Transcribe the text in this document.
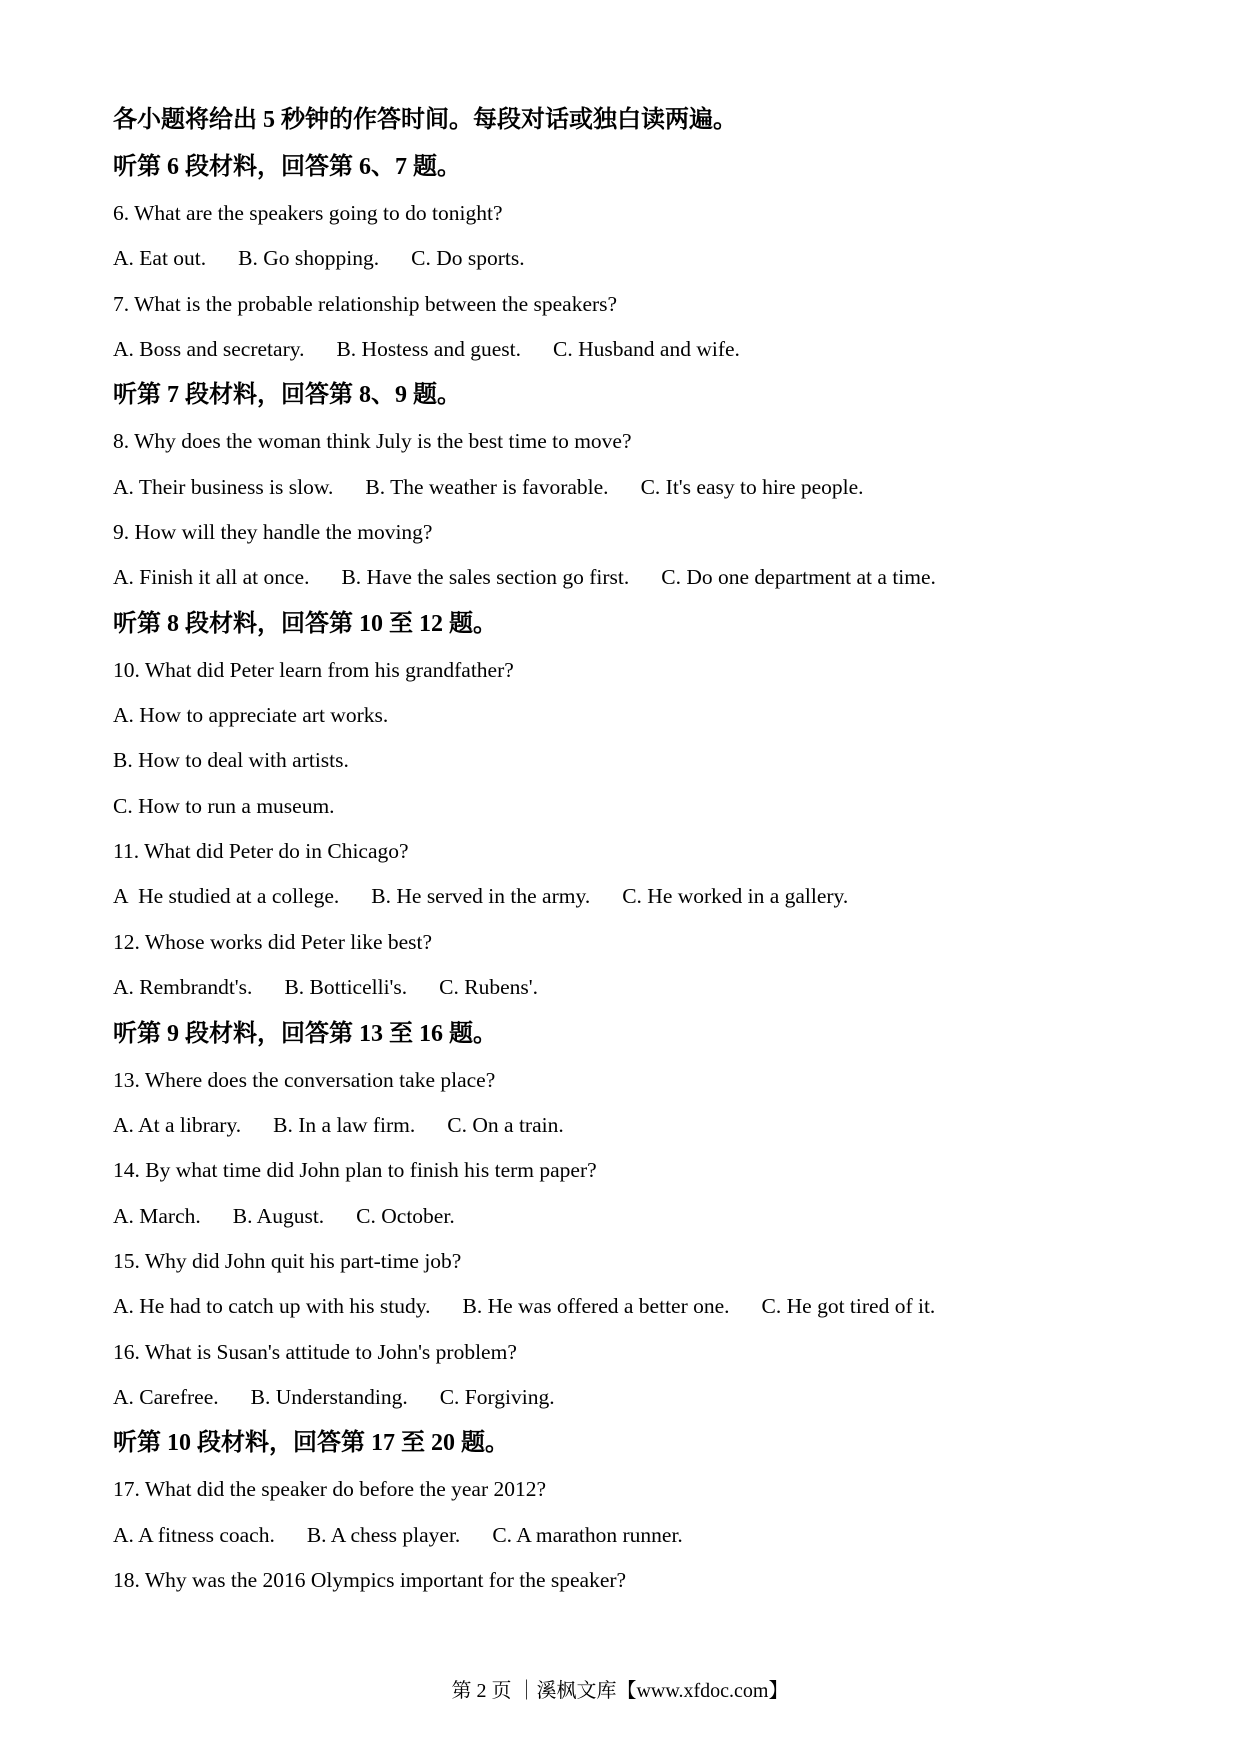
各小题将给出 5 秒钟的作答时间。每段对话或独白读两遍。
听第 6 段材料，回答第 6、7 题。
6. What are the speakers going to do tonight?
A. Eat out. B. Go shopping. C. Do sports.
7. What is the probable relationship between the speakers?
A. Boss and secretary. B. Hostess and guest. C. Husband and wife.
听第 7 段材料，回答第 8、9 题。
8. Why does the woman think July is the best time to move?
A. Their business is slow. B. The weather is favorable. C. It's easy to hire people.
9. How will they handle the moving?
A. Finish it all at once. B. Have the sales section go first. C. Do one department at a time.
听第 8 段材料，回答第 10 至 12 题。
10. What did Peter learn from his grandfather?
A. How to appreciate art works.
B. How to deal with artists.
C. How to run a museum.
11. What did Peter do in Chicago?
A  He studied at a college. B. He served in the army. C. He worked in a gallery.
12. Whose works did Peter like best?
A. Rembrandt's. B. Botticelli's. C. Rubens'.
听第 9 段材料，回答第 13 至 16 题。
13. Where does the conversation take place?
A. At a library. B. In a law firm. C. On a train.
14. By what time did John plan to finish his term paper?
A. March. B. August. C. October.
15. Why did John quit his part-time job?
A. He had to catch up with his study. B. He was offered a better one. C. He got tired of it.
16. What is Susan's attitude to John's problem?
A. Carefree. B. Understanding. C. Forgiving.
听第 10 段材料，回答第 17 至 20 题。
17. What did the speaker do before the year 2012?
A. A fitness coach. B. A chess player. C. A marathon runner.
18. Why was the 2016 Olympics important for the speaker?
第 2 页 ｜溪枫文库【www.xfdoc.com】
